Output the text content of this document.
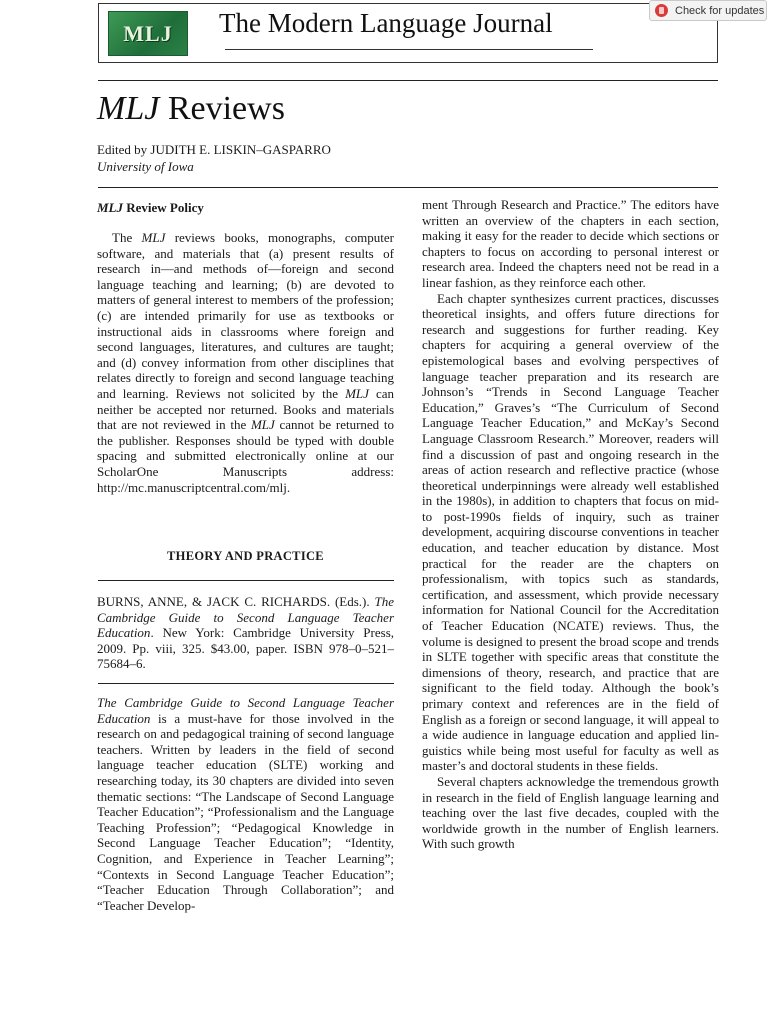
MLJ The Modern Language Journal	Check for updates
MLJ Reviews
Edited by JUDITH E. LISKIN–GASPARRO
University of Iowa
MLJ Review Policy

The MLJ reviews books, monographs, computer software, and materials that (a) present results of research in—and methods of—foreign and second language teaching and learning; (b) are devoted to matters of general interest to members of the profession; (c) are intended primarily for use as textbooks or instructional aids in classrooms where foreign and second languages, literatures, and cultures are taught; and (d) convey information from other disciplines that relates directly to foreign and second language teaching and learning. Reviews not solicited by the MLJ can neither be accepted nor returned. Books and materials that are not reviewed in the MLJ cannot be returned to the publisher. Responses should be typed with double spacing and submitted electronically online at our ScholarOne Manuscripts address: http://mc.manuscriptcentral.com/mlj.

THEORY AND PRACTICE
BURNS, ANNE, & JACK C. RICHARDS. (Eds.). The Cambridge Guide to Second Language Teacher Education. New York: Cambridge University Press, 2009. Pp. viii, 325. $43.00, paper. ISBN 978–0–521–75684–6.

The Cambridge Guide to Second Language Teacher Education is a must-have for those involved in the research on and pedagogical training of second language teachers. Written by leaders in the field of second language teacher education (SLTE) working and researching today, its 30 chapters are divided into seven thematic sections: “The Landscape of Second Language Teacher Education”; “Professionalism and the Language Teaching Profession”; “Pedagogical Knowledge in Second Language Teacher Education”; “Identity, Cognition, and Experience in Teacher Learning”; “Contexts in Second Language Teacher Education”; “Teacher Education Through Collaboration”; and “Teacher Develop-

ment Through Research and Practice.” The editors have written an overview of the chapters in each section, making it easy for the reader to decide which sections or chapters to focus on according to personal interest or research area. Indeed the chapters need not be read in a linear fashion, as they reinforce each other.

Each chapter synthesizes current practices, discusses theoretical insights, and offers future directions for research and suggestions for further reading. Key chapters for acquiring a general overview of the epistemological bases and evolving perspectives of language teacher preparation and its research are Johnson’s “Trends in Second Language Teacher Education,” Graves’s “The Curriculum of Second Language Teacher Education,” and McKay’s Second Language Classroom Research.” Moreover, readers will find a discussion of past and ongoing research in the areas of action research and reflective practice (whose theoretical underpinnings were already well established in the 1980s), in addition to chapters that focus on mid- to post-1990s fields of inquiry, such as trainer development, acquiring discourse conventions in teacher education, and teacher education by distance. Most practical for the reader are the chapters on professionalism, with topics such as standards, certification, and assessment, which provide necessary information for National Council for the Accreditation of Teacher Education (NCATE) reviews. Thus, the volume is designed to present the broad scope and trends in SLTE together with specific areas that constitute the dimensions of theory, research, and practice that are significant to the field today. Although the book’s primary context and references are in the field of English as a foreign or second language, it will appeal to a wide audience in language education and applied linguistics while being most useful for faculty as well as master’s and doctoral students in these fields.

Several chapters acknowledge the tremendous growth in research in the field of English language learning and teaching over the last five decades, coupled with the worldwide growth in the number of English learners. With such growth
